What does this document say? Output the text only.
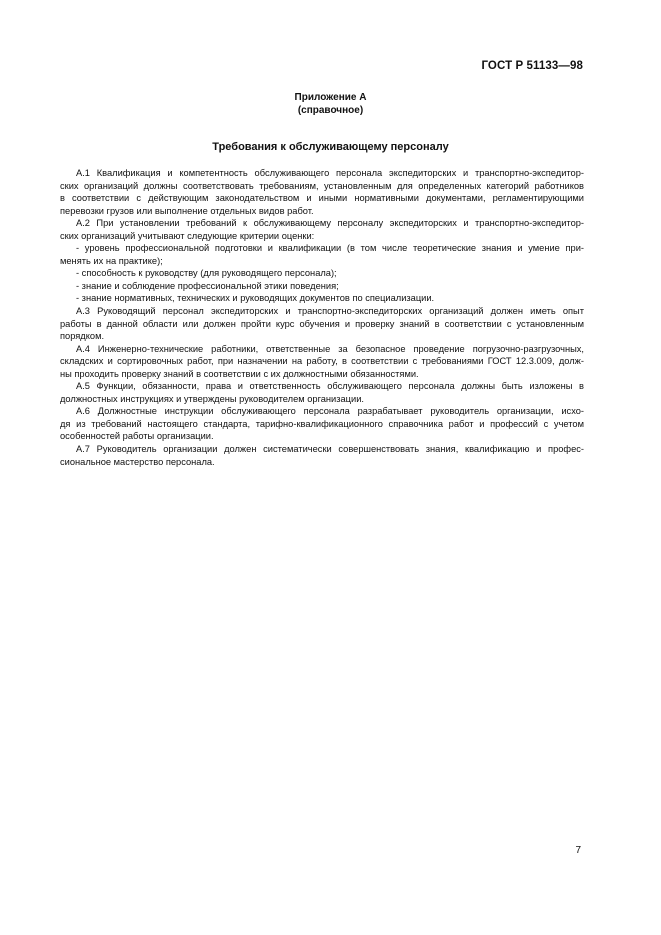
ГОСТ Р 51133—98
Приложение А
(справочное)
Требования к обслуживающему персоналу
А.1 Квалификация и компетентность обслуживающего персонала экспедиторских и транспортно-экспедитор-
ских организаций должны соответствовать требованиям, установленным для определенных категорий работников
в соответствии с действующим законодательством и иными нормативными документами, регламентирующими
перевозки грузов или выполнение отдельных видов работ.
А.2 При установлении требований к обслуживающему персоналу экспедиторских и транспортно-экспедитор-
ских организаций учитывают следующие критерии оценки:
- уровень профессиональной подготовки и квалификации (в том числе теоретические знания и умение при-
менять их на практике);
- способность к руководству (для руководящего персонала);
- знание и соблюдение профессиональной этики поведения;
- знание нормативных, технических и руководящих документов по специализации.
А.3 Руководящий персонал экспедиторских и транспортно-экспедиторских организаций должен иметь опыт
работы в данной области или должен пройти курс обучения и проверку знаний в соответствии с установленным
порядком.
А.4 Инженерно-технические работники, ответственные за безопасное проведение погрузочно-разгрузочных,
складских и сортировочных работ, при назначении на работу, в соответствии с требованиями ГОСТ 12.3.009, долж-
ны проходить проверку знаний в соответствии с их должностными обязанностями.
А.5 Функции, обязанности, права и ответственность обслуживающего персонала должны быть изложены в
должностных инструкциях и утверждены руководителем организации.
А.6 Должностные инструкции обслуживающего персонала разрабатывает руководитель организации, исхо-
дя из требований настоящего стандарта, тарифно-квалификационного справочника работ и профессий с учетом
особенностей работы организации.
А.7 Руководитель организации должен систематически совершенствовать знания, квалификацию и профес-
сиональное мастерство персонала.
7
